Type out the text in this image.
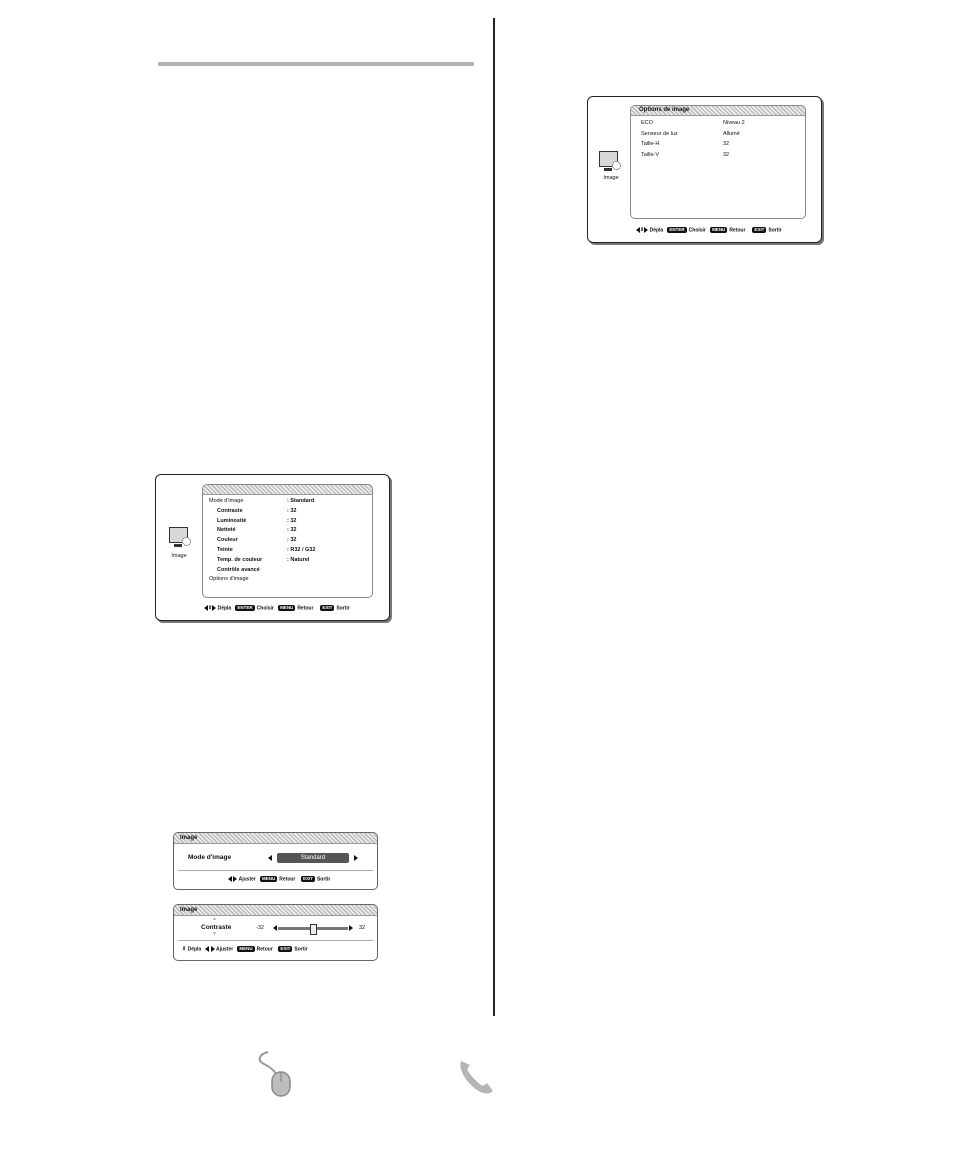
Image
Mode d'image	: Standard
Contraste	: 32
Luminosité	: 32
Netteté	: 32
Couleur	: 32
Teinte	: R32 / G32
Temp. de couleur	: Naturel
Contrôle avancé
Options d'image
⇕ Dépla ENTER Choisir MENU Retour EXIT Sortir
Image
Options de image
ECO	Niveau 2
Senseur de luz	Allumé
Taille-H	32
Taille-V	32
⇕ Dépla ENTER Choisir MENU Retour EXIT Sortir
Image
Mode d'image	Standard
Ajuster MENU Retour EXIT Sortir
Image
▲
Contraste
▼
-32	32
⇕ Dépla	Ajuster MENU Retour EXIT Sortir
